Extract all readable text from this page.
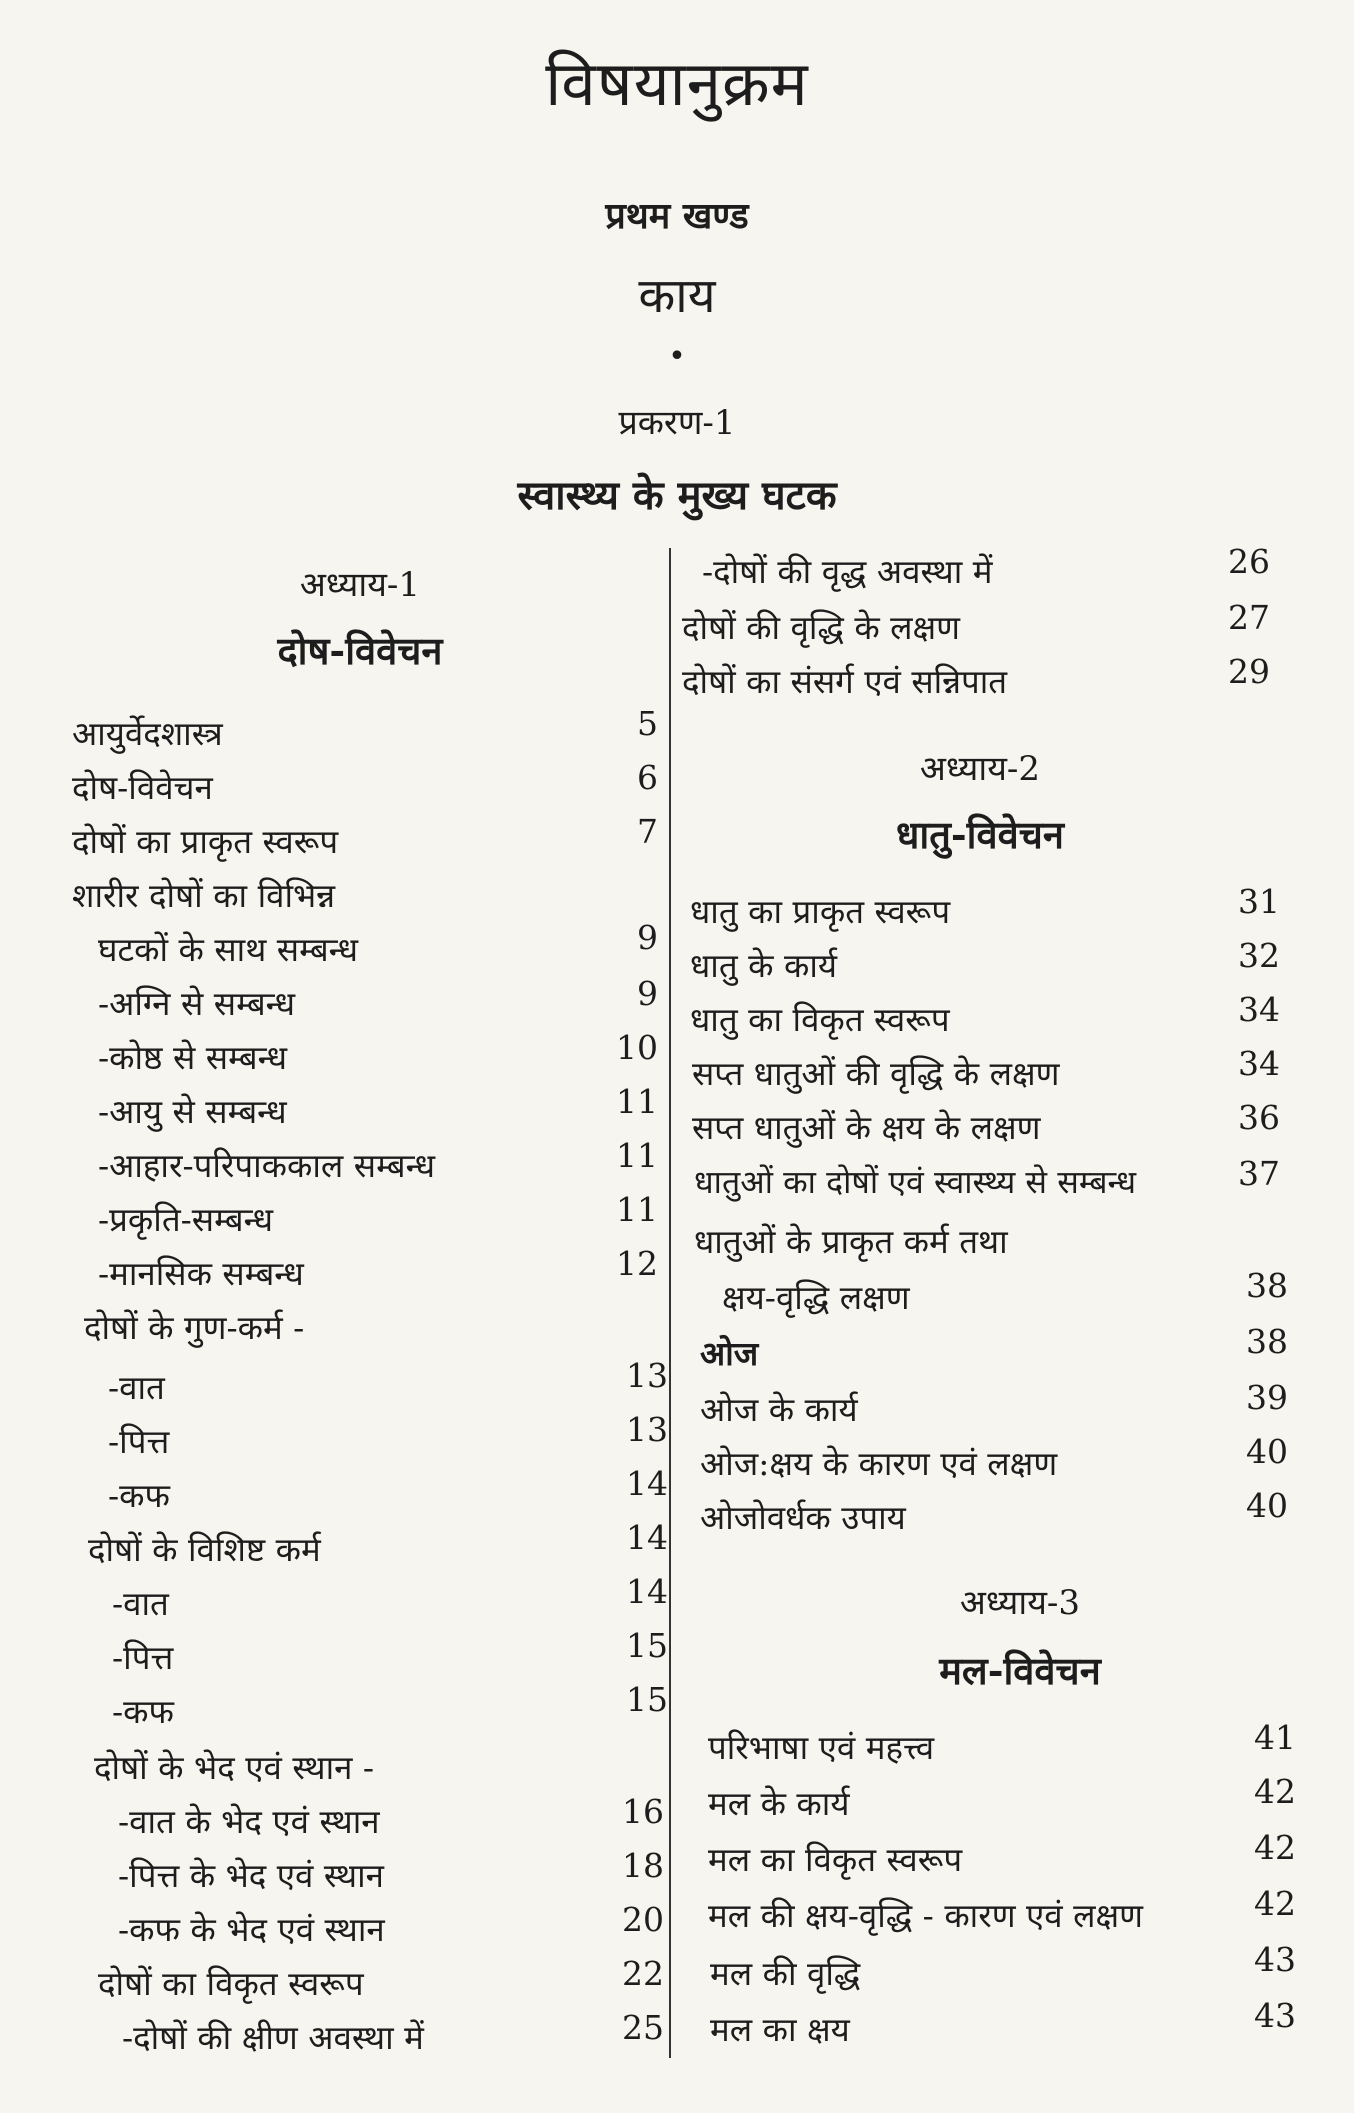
विषयानुक्रम
प्रथम खण्ड
काय
•
प्रकरण-1
स्वास्थ्य के मुख्य घटक
अध्याय-1
दोष-विवेचन
आयुर्वेदशास्त्र
दोष-विवेचन
दोषों का प्राकृत स्वरूप
शारीर दोषों का विभिन्न
घटकों के साथ सम्बन्ध
-अग्नि से सम्बन्ध
-कोष्ठ से सम्बन्ध
-आयु से सम्बन्ध
-आहार-परिपाककाल सम्बन्ध
-प्रकृति-सम्बन्ध
-मानसिक सम्बन्ध
दोषों के गुण-कर्म -
-वात
-पित्त
-कफ
दोषों के विशिष्ट कर्म
-वात
-पित्त
-कफ
दोषों के भेद एवं स्थान -
-वात के भेद एवं स्थान
-पित्त के भेद एवं स्थान
-कफ के भेद एवं स्थान
दोषों का विकृत स्वरूप
-दोषों की क्षीण अवस्था में
5
6
7
9
9
10
11
11
11
12
13
13
14
14
14
15
15
16
18
20
22
25
-दोषों की वृद्ध अवस्था में
दोषों की वृद्धि के लक्षण
दोषों का संसर्ग एवं सन्निपात
26
27
29
अध्याय-2
धातु-विवेचन
धातु का प्राकृत स्वरूप
धातु के कार्य
धातु का विकृत स्वरूप
सप्त धातुओं की वृद्धि के लक्षण
सप्त धातुओं के क्षय के लक्षण
धातुओं का दोषों एवं स्वास्थ्य से सम्बन्ध
धातुओं के प्राकृत कर्म तथा
क्षय-वृद्धि लक्षण
ओज
ओज के कार्य
ओज:क्षय के कारण एवं लक्षण
ओजोवर्धक उपाय
31
32
34
34
36
37
38
38
39
40
40
अध्याय-3
मल-विवेचन
परिभाषा एवं महत्त्व
मल के कार्य
मल का विकृत स्वरूप
मल की क्षय-वृद्धि - कारण एवं लक्षण
मल की वृद्धि
मल का क्षय
41
42
42
42
43
43
